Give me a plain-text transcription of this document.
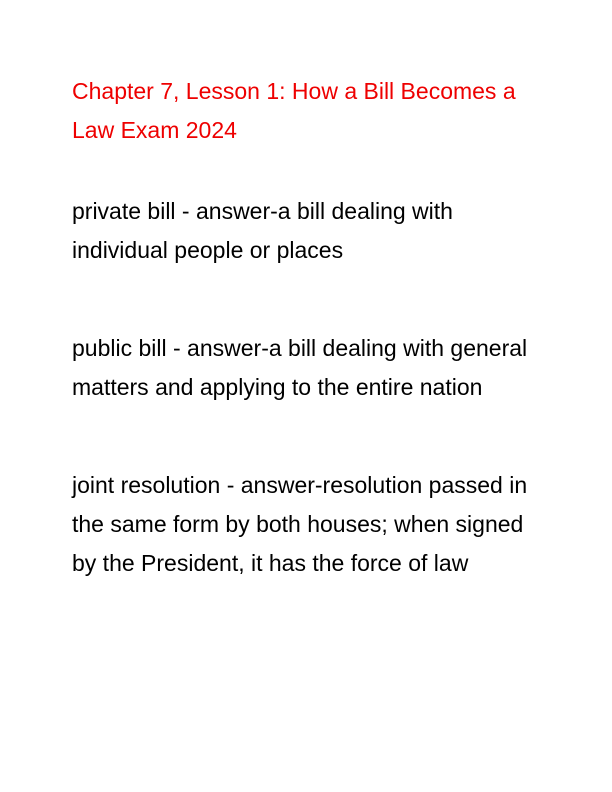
Chapter 7, Lesson 1: How a Bill Becomes a Law Exam 2024

private bill - answer-a bill dealing with individual people or places

public bill - answer-a bill dealing with general matters and applying to the entire nation

joint resolution - answer-resolution passed in the same form by both houses; when signed by the President, it has the force of law
